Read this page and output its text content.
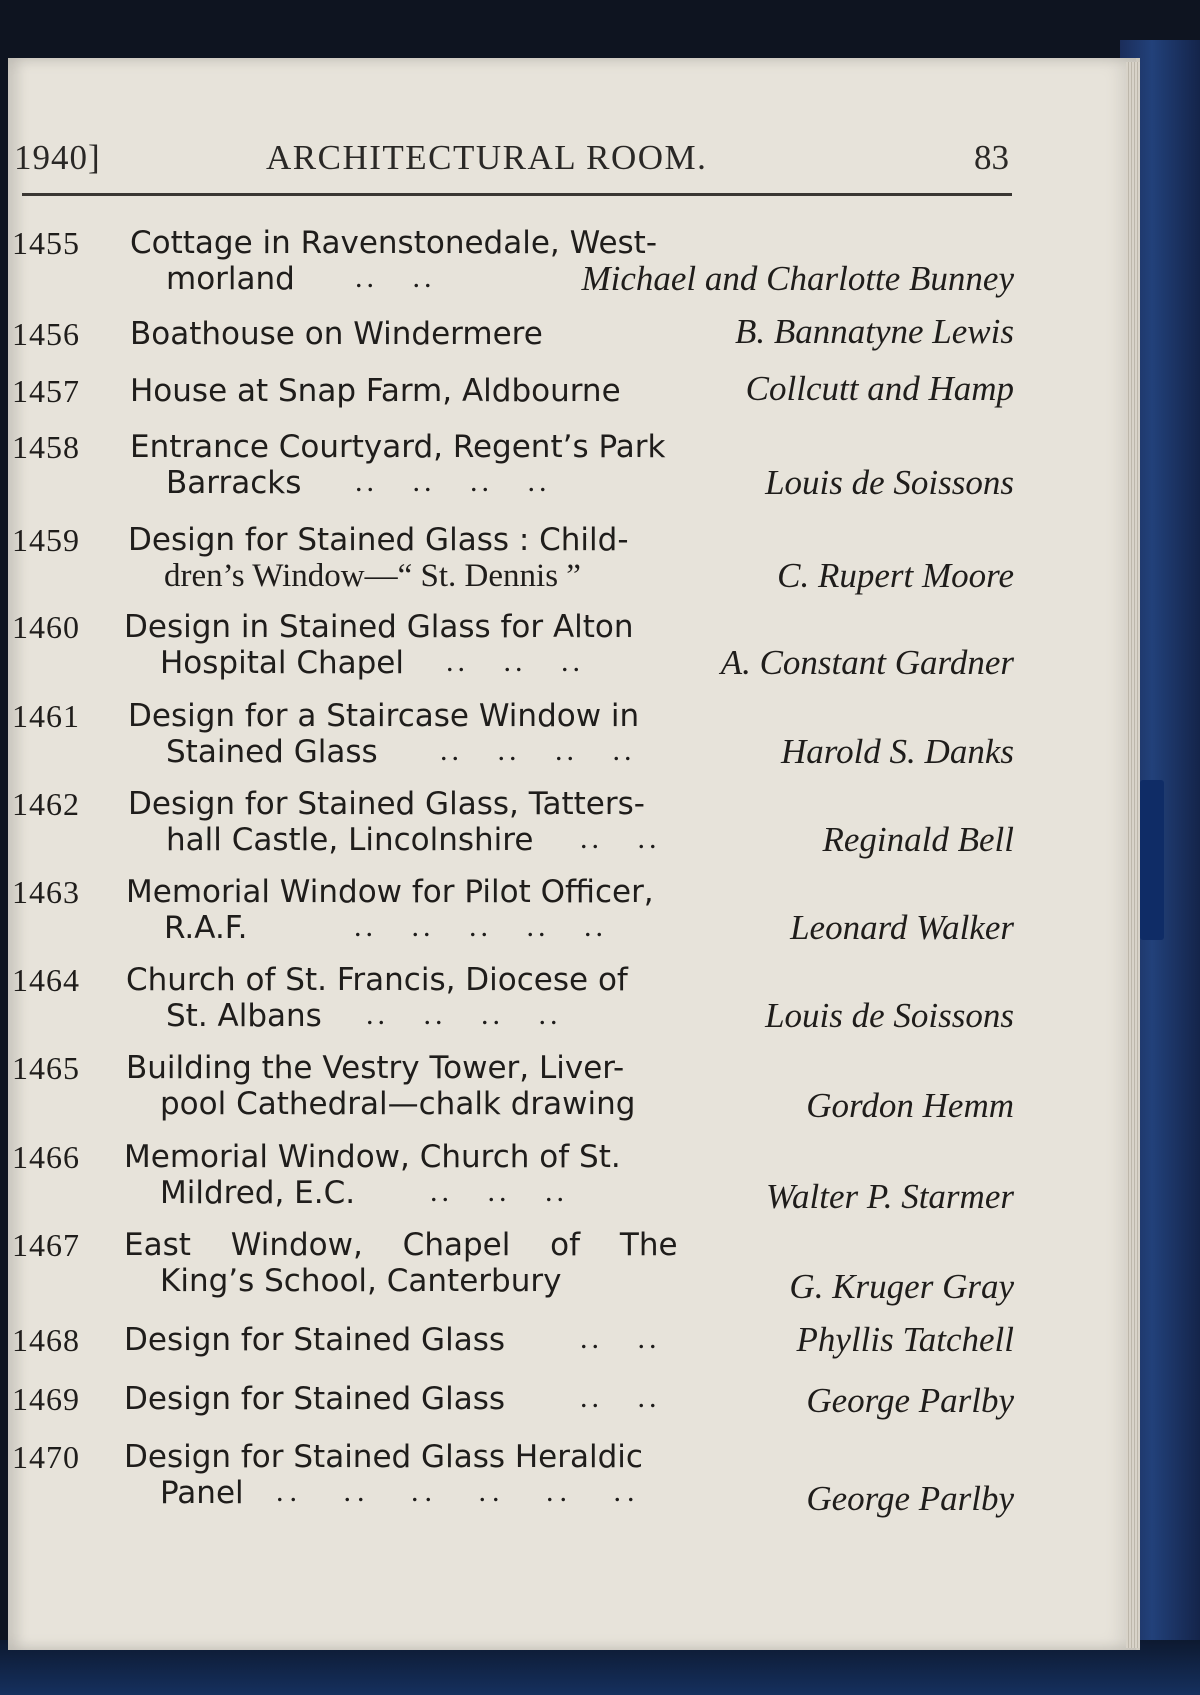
1940]	ARCHITECTURAL ROOM.	83
1455 Cottage in Ravenstonedale, West-
morland ..   ..	Michael and Charlotte Bunney
1456 Boathouse on Windermere	B. Bannatyne Lewis
1457 House at Snap Farm, Aldbourne	Collcutt and Hamp
1458 Entrance Courtyard, Regent’s Park
Barracks ..   ..   ..   ..	Louis de Soissons
1459 Design for Stained Glass : Child-
dren’s Window—“ St. Dennis ”	C. Rupert Moore
1460 Design in Stained Glass for Alton
Hospital Chapel ..   ..   ..	A. Constant Gardner
1461 Design for a Staircase Window in
Stained Glass ..   ..   ..   ..	Harold S. Danks
1462 Design for Stained Glass, Tatters-
hall Castle, Lincolnshire ..   ..	Reginald Bell
1463 Memorial Window for Pilot Officer,
R.A.F.	..   ..   ..   ..   ..	Leonard Walker
1464 Church of St. Francis, Diocese of
St. Albans ..   ..   ..   ..	Louis de Soissons
1465 Building the Vestry Tower, Liver-
pool Cathedral—chalk drawing	Gordon Hemm
1466 Memorial Window, Church of St.
Mildred, E.C. ..   ..   ..	Walter P. Starmer
1467 East Window, Chapel of The
King’s School, Canterbury	G. Kruger Gray
1468 Design for Stained Glass	..   ..	Phyllis Tatchell
1469 Design for Stained Glass	..   ..	George Parlby
1470 Design for Stained Glass Heraldic
Panel ..   ..   ..   ..   ..   ..	George Parlby
